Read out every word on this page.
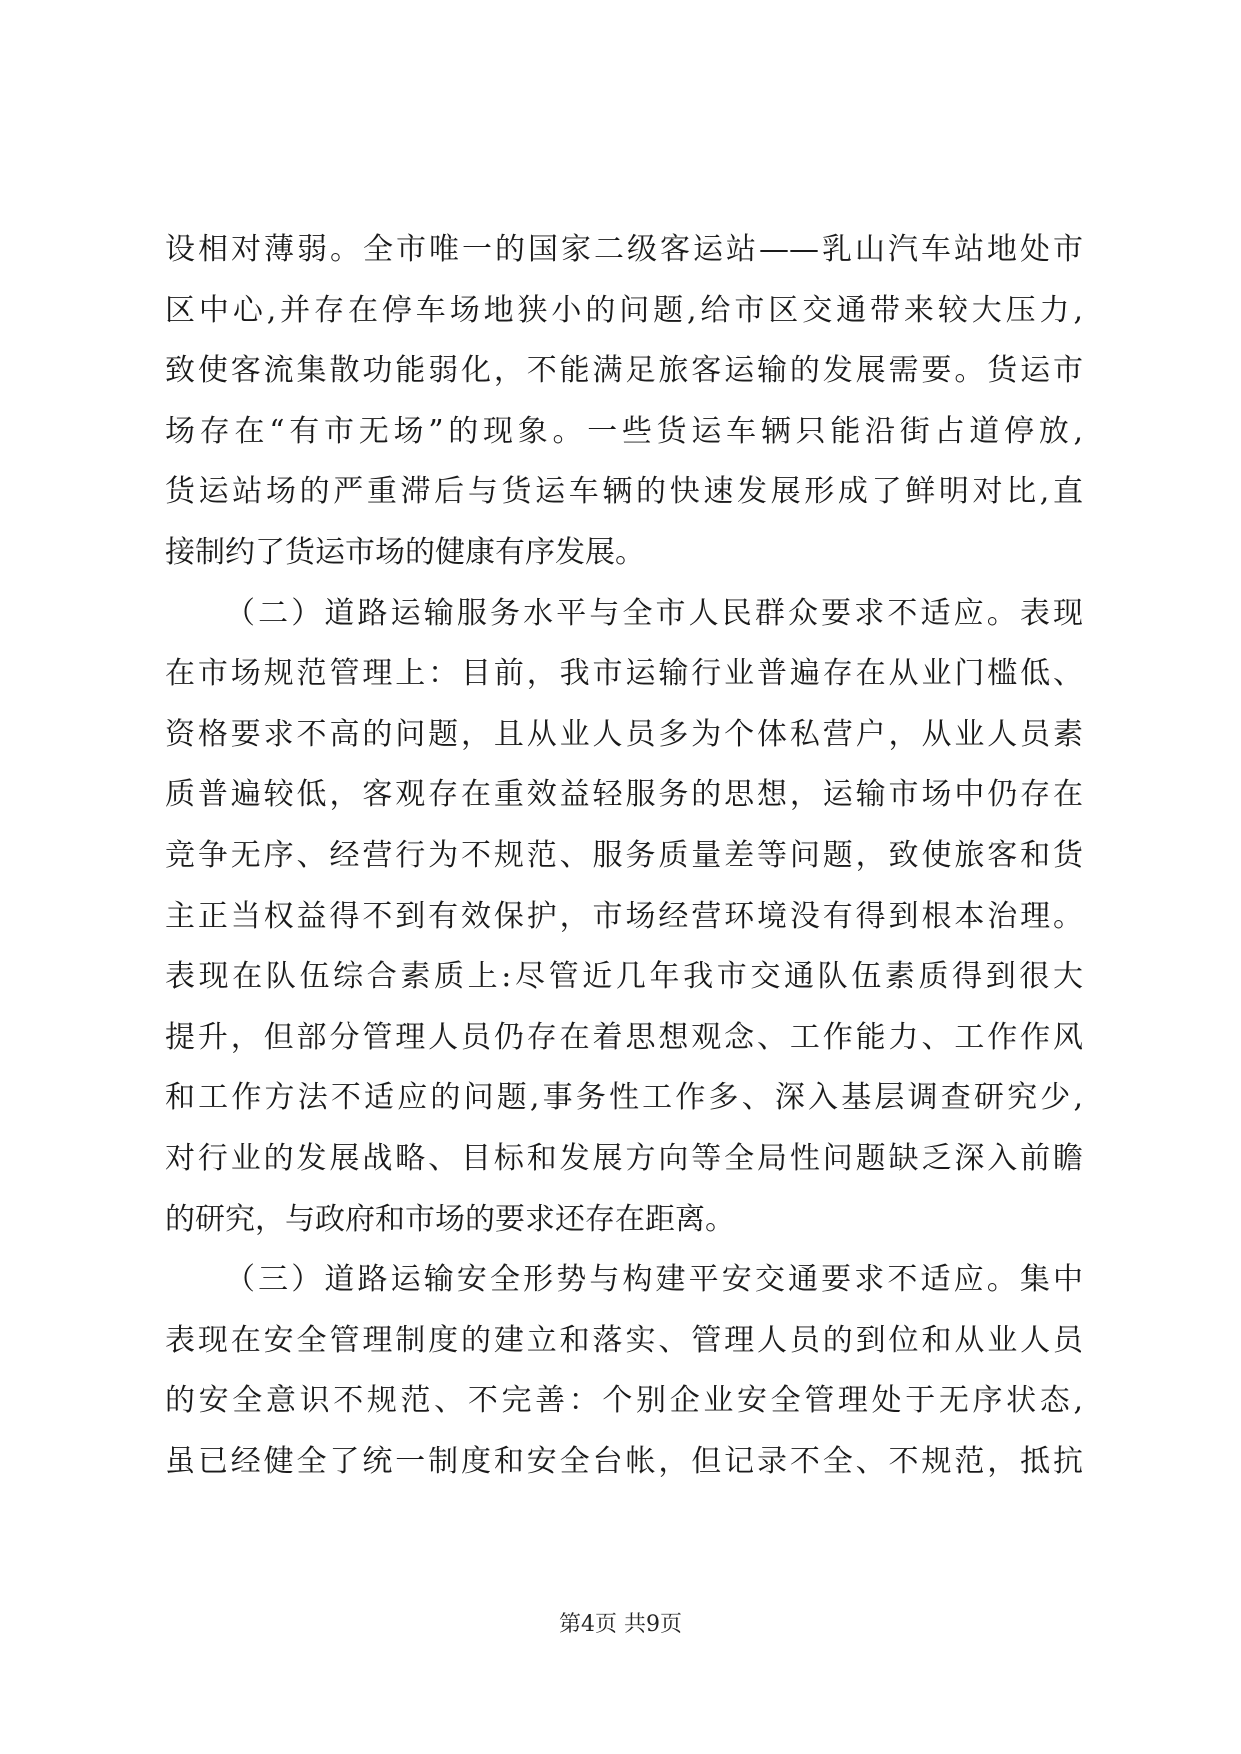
设相对薄弱。全市唯一的国家二级客运站——乳山汽车站地处市
区中心,并存在停车场地狭小的问题,给市区交通带来较大压力,
致使客流集散功能弱化，不能满足旅客运输的发展需要。货运市
场存在“有市无场”的现象。一些货运车辆只能沿街占道停放,
货运站场的严重滞后与货运车辆的快速发展形成了鲜明对比,直
接制约了货运市场的健康有序发展。
（二）道路运输服务水平与全市人民群众要求不适应。表现
在市场规范管理上：目前，我市运输行业普遍存在从业门槛低、
资格要求不高的问题，且从业人员多为个体私营户，从业人员素
质普遍较低，客观存在重效益轻服务的思想，运输市场中仍存在
竞争无序、经营行为不规范、服务质量差等问题，致使旅客和货
主正当权益得不到有效保护，市场经营环境没有得到根本治理。
表现在队伍综合素质上:尽管近几年我市交通队伍素质得到很大
提升，但部分管理人员仍存在着思想观念、工作能力、工作作风
和工作方法不适应的问题,事务性工作多、深入基层调查研究少,
对行业的发展战略、目标和发展方向等全局性问题缺乏深入前瞻
的研究，与政府和市场的要求还存在距离。
（三）道路运输安全形势与构建平安交通要求不适应。集中
表现在安全管理制度的建立和落实、管理人员的到位和从业人员
的安全意识不规范、不完善：个别企业安全管理处于无序状态,
虽已经健全了统一制度和安全台帐，但记录不全、不规范，抵抗
第4页 共9页
